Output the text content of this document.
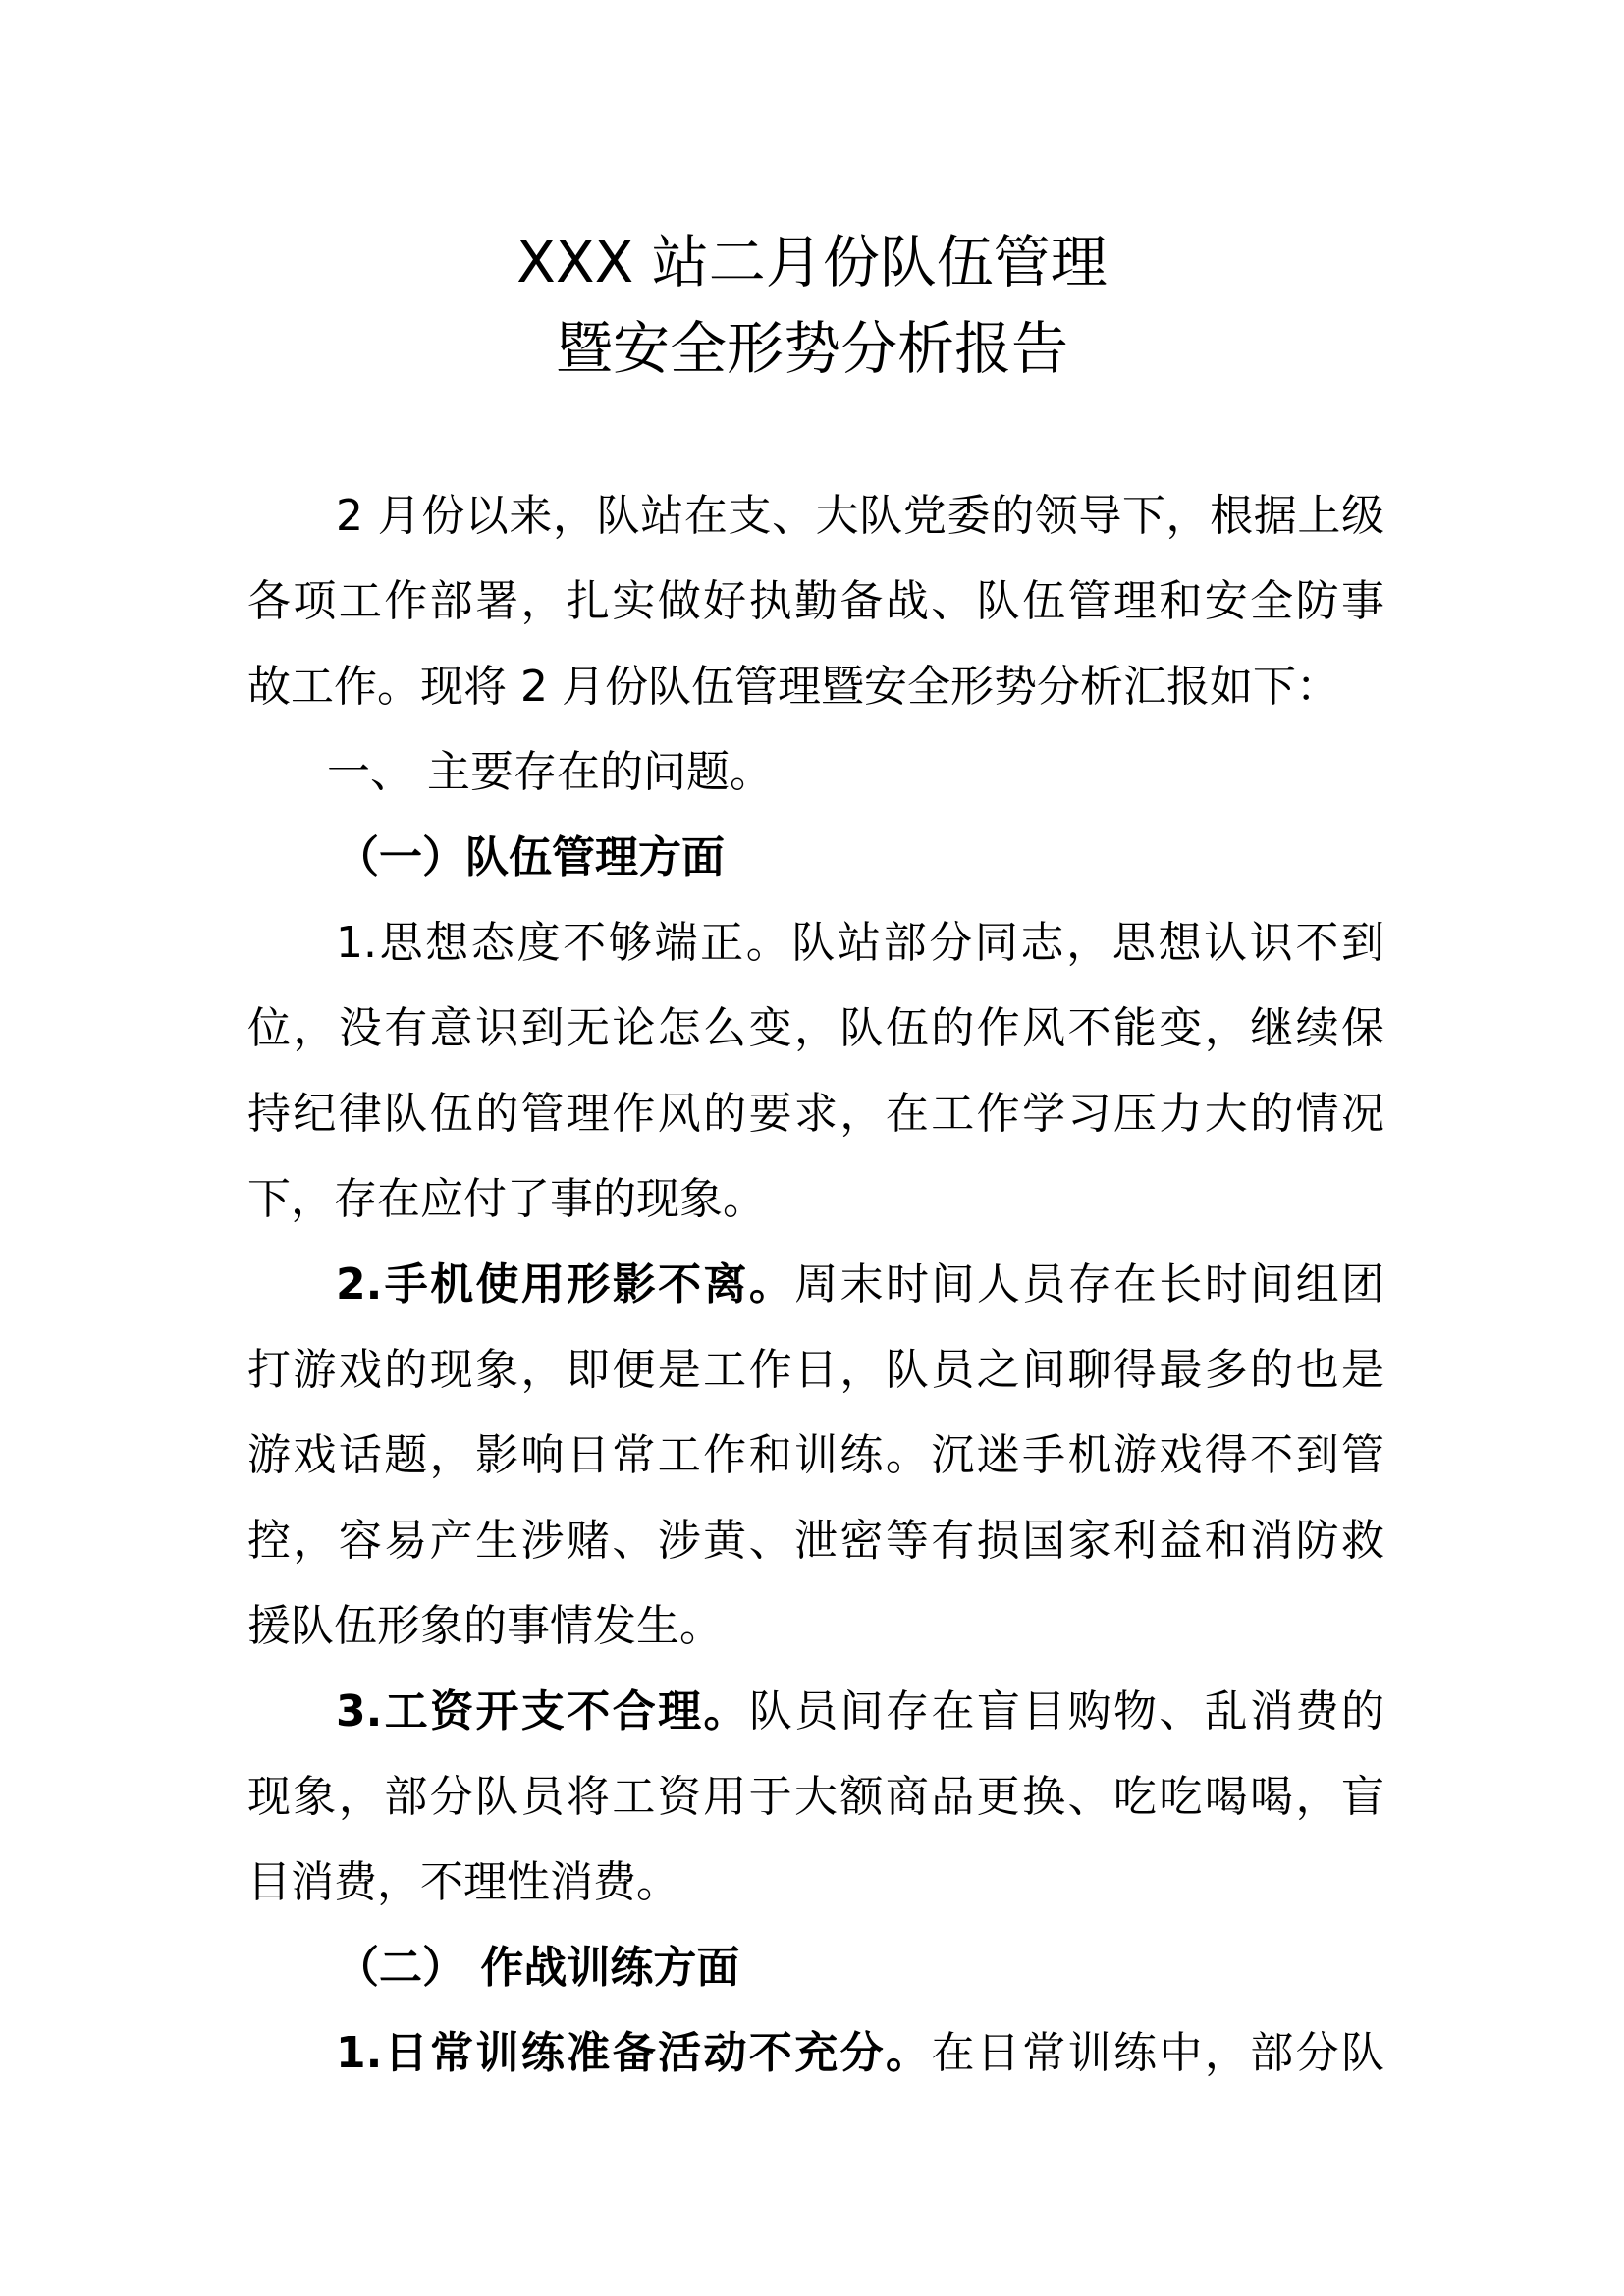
XXX 站二月份队伍管理
暨安全形势分析报告
2 月份以来，队站在支、大队党委的领导下，根据上级
各项工作部署，扎实做好执勤备战、队伍管理和安全防事
故工作。现将 2 月份队伍管理暨安全形势分析汇报如下：
一、 主要存在的问题。
（一）队伍管理方面
1.思想态度不够端正。队站部分同志，思想认识不到
位，没有意识到无论怎么变，队伍的作风不能变，继续保
持纪律队伍的管理作风的要求，在工作学习压力大的情况
下，存在应付了事的现象。
2.手机使用形影不离。周末时间人员存在长时间组团
打游戏的现象，即便是工作日，队员之间聊得最多的也是
游戏话题，影响日常工作和训练。沉迷手机游戏得不到管
控，容易产生涉赌、涉黄、泄密等有损国家利益和消防救
援队伍形象的事情发生。
3.工资开支不合理。队员间存在盲目购物、乱消费的
现象，部分队员将工资用于大额商品更换、吃吃喝喝，盲
目消费，不理性消费。
（二） 作战训练方面
1.日常训练准备活动不充分。在日常训练中，部分队
